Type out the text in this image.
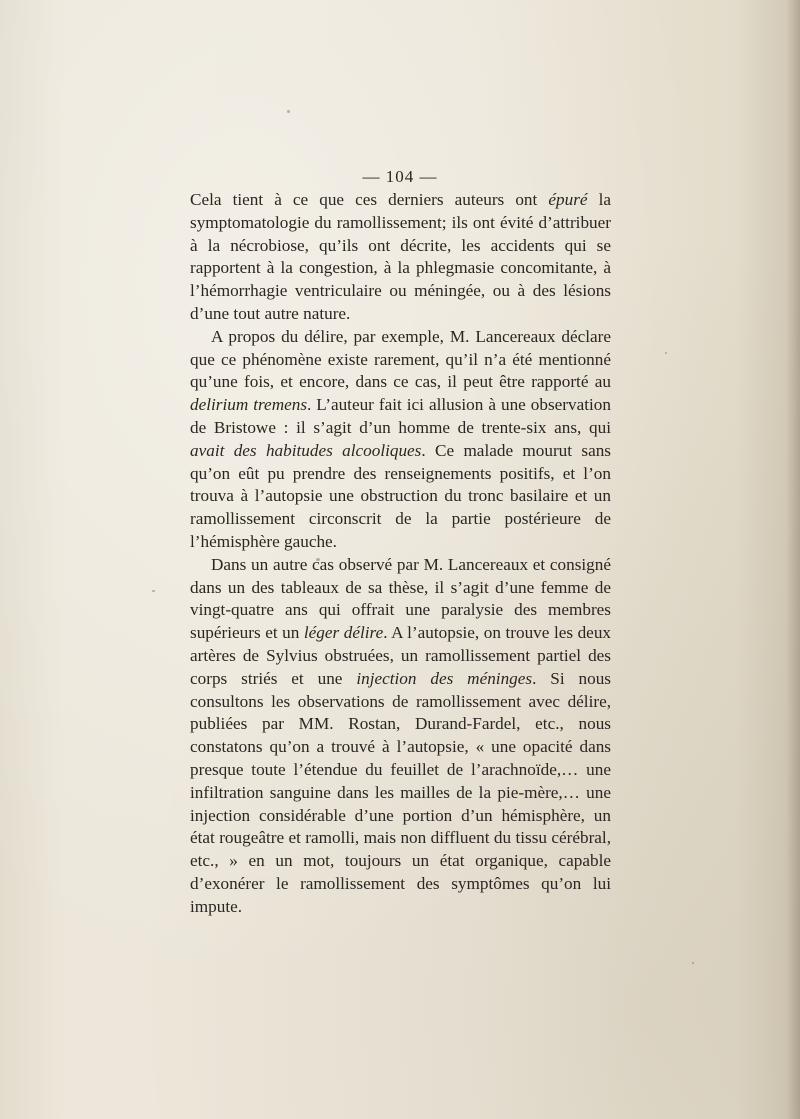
— 104 —

Cela tient à ce que ces derniers auteurs ont épuré la symptomatologie du ramollissement; ils ont évité d’attribuer à la nécrobiose, qu’ils ont décrite, les accidents qui se rapportent à la congestion, à la phlegmasie concomitante, à l’hémorrhagie ventriculaire ou méningée, ou à des lésions d’une tout autre nature.

A propos du délire, par exemple, M. Lancereaux déclare que ce phénomène existe rarement, qu’il n’a été mentionné qu’une fois, et encore, dans ce cas, il peut être rapporté au delirium tremens. L’auteur fait ici allusion à une observation de Bristowe : il s’agit d’un homme de trente-six ans, qui avait des habitudes alcooliques. Ce malade mourut sans qu’on eût pu prendre des renseignements positifs, et l’on trouva à l’autopsie une obstruction du tronc basilaire et un ramollissement circonscrit de la partie postérieure de l’hémisphère gauche.

Dans un autre cas observé par M. Lancereaux et consigné dans un des tableaux de sa thèse, il s’agit d’une femme de vingt-quatre ans qui offrait une paralysie des membres supérieurs et un léger délire. A l’autopsie, on trouve les deux artères de Sylvius obstruées, un ramollissement partiel des corps striés et une injection des méninges. Si nous consultons les observations de ramollissement avec délire, publiées par MM. Rostan, Durand-Fardel, etc., nous constatons qu’on a trouvé à l’autopsie, « une opacité dans presque toute l’étendue du feuillet de l’arachnoïde,… une infiltration sanguine dans les mailles de la pie-mère,… une injection considérable d’une portion d’un hémisphère, un état rougeâtre et ramolli, mais non diffluent du tissu cérébral, etc., » en un mot, toujours un état organique, capable d’exonérer le ramollissement des symptômes qu’on lui impute.
